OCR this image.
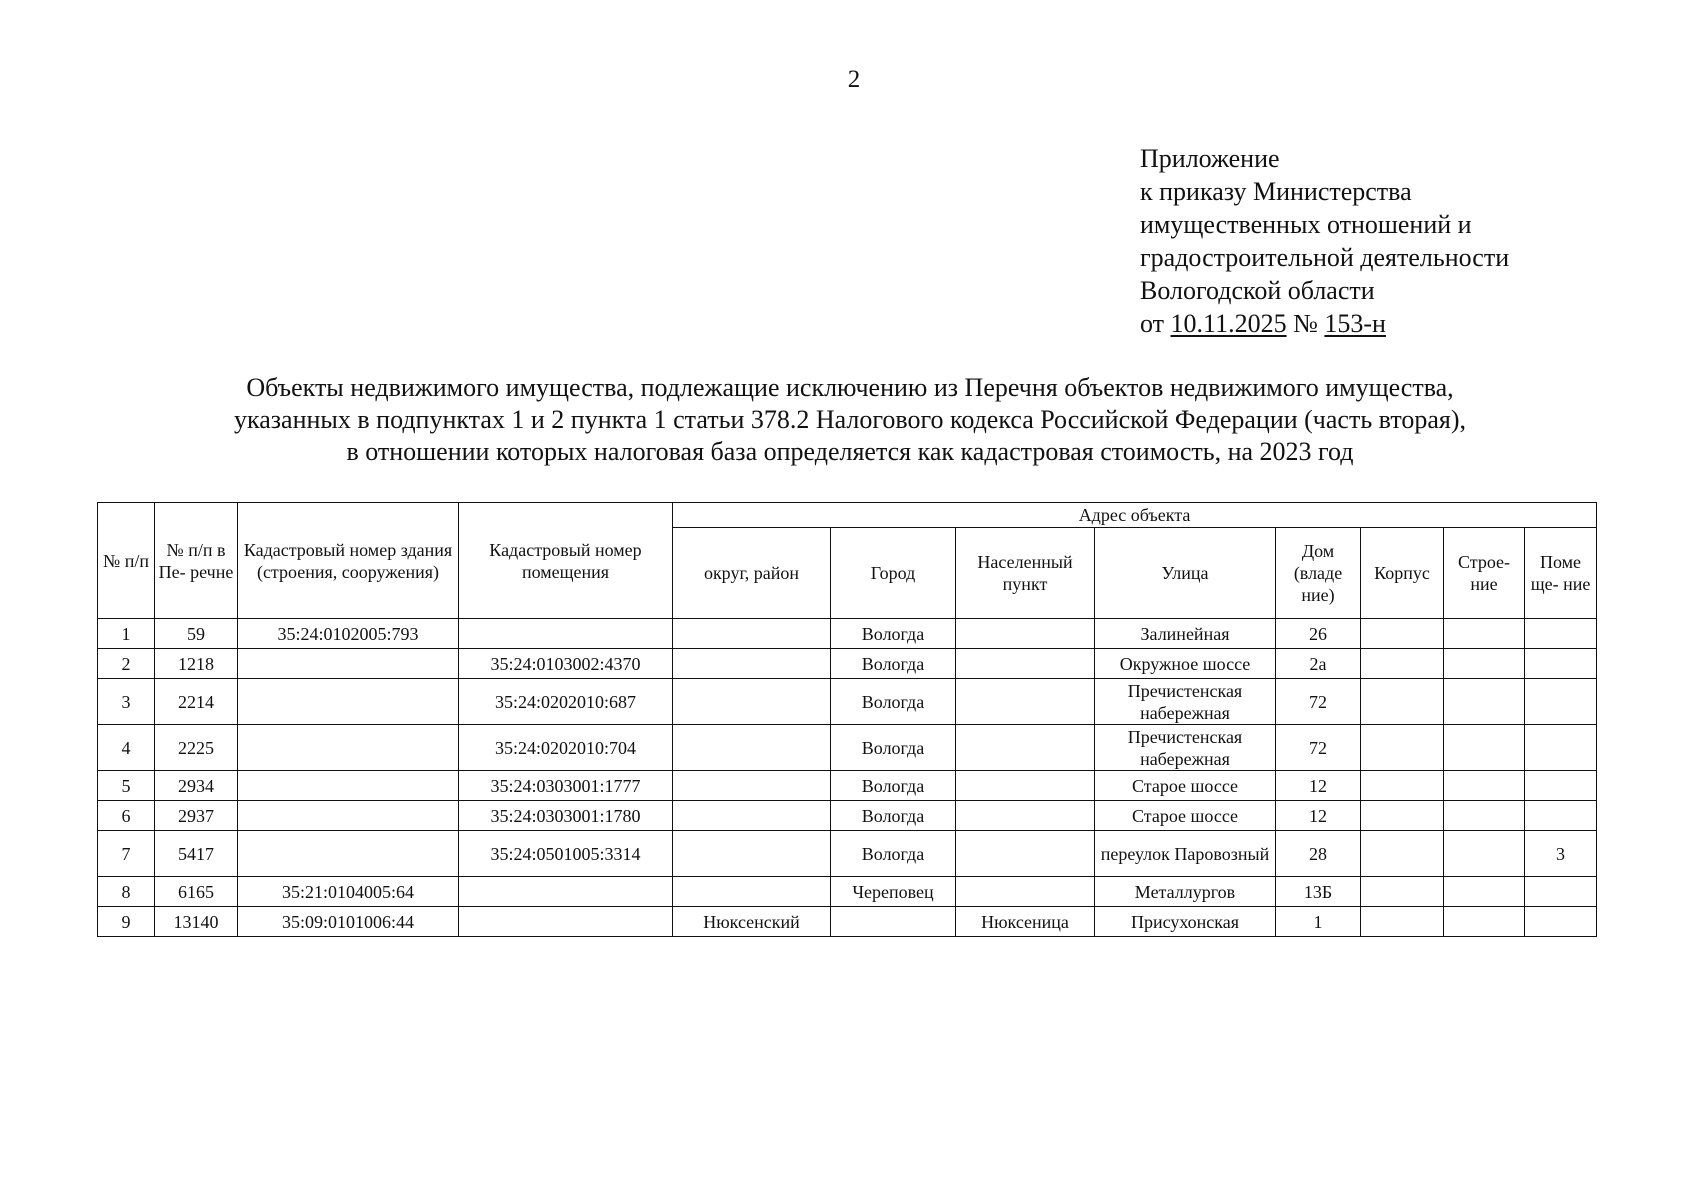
2
Приложение
к приказу Министерства
имущественных отношений и
градостроительной деятельности
Вологодской области
от 10.11.2025 № 153-н
Объекты недвижимого имущества, подлежащие исключению из Перечня объектов недвижимого имущества,
указанных в подпунктах 1 и 2 пункта 1 статьи 378.2 Налогового кодекса Российской Федерации (часть вторая),
в отношении которых налоговая база определяется как кадастровая стоимость, на 2023 год
№ п/п	№ п/п в Пе- речне	Кадастровый номер здания (строения, сооружения)	Кадастровый номер помещения	Адрес объекта							
				округ, район	Город	Населенный пункт	Улица	Дом (владе ние)	Корпус	Строе- ние	Поме ще- ние
1	59	35:24:0102005:793			Вологда		Залинейная	26			
2	1218		35:24:0103002:4370		Вологда		Окружное шоссе	2а			
3	2214		35:24:0202010:687		Вологда		Пречистенская набережная	72			
4	2225		35:24:0202010:704		Вологда		Пречистенская набережная	72			
5	2934		35:24:0303001:1777		Вологда		Старое шоссе	12			
6	2937		35:24:0303001:1780		Вологда		Старое шоссе	12			
7	5417		35:24:0501005:3314		Вологда		переулок Паровозный	28			3
8	6165	35:21:0104005:64			Череповец		Металлургов	13Б			
9	13140	35:09:0101006:44		Нюксенский		Нюксеница	Присухонская	1			
